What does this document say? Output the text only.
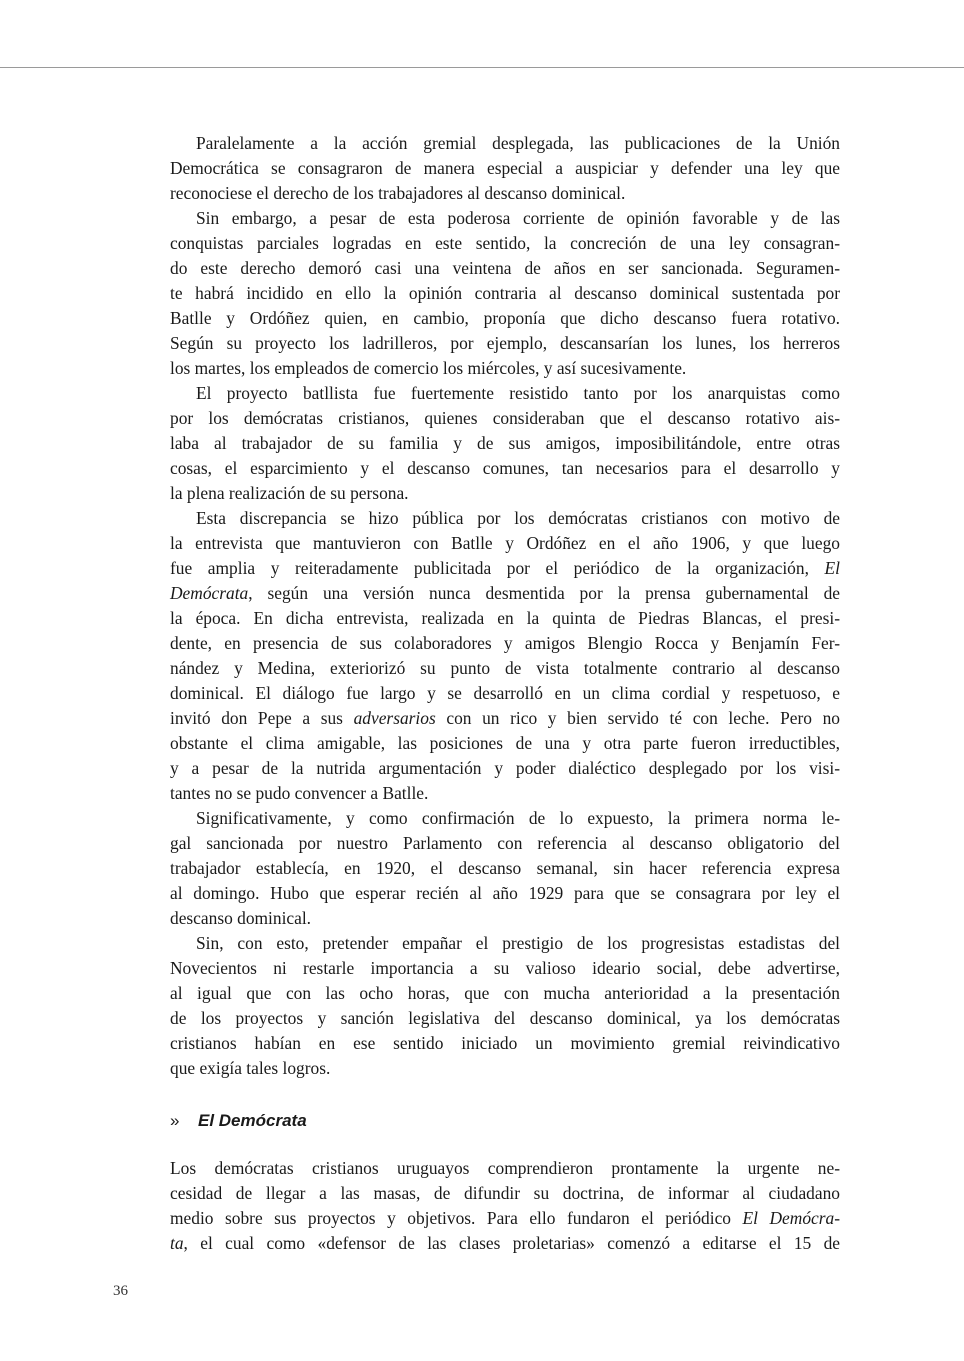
Paralelamente a la acción gremial desplegada, las publicaciones de la Unión
Democrática se consagraron de manera especial a auspiciar y defender una ley que
reconociese el derecho de los trabajadores al descanso dominical.
Sin embargo, a pesar de esta poderosa corriente de opinión favorable y de las
conquistas parciales logradas en este sentido, la concreción de una ley consagran-
do este derecho demoró casi una veintena de años en ser sancionada. Seguramen-
te habrá incidido en ello la opinión contraria al descanso dominical sustentada por
Batlle y Ordóñez quien, en cambio, proponía que dicho descanso fuera rotativo.
Según su proyecto los ladrilleros, por ejemplo, descansarían los lunes, los herreros
los martes, los empleados de comercio los miércoles, y así sucesivamente.
El proyecto batllista fue fuertemente resistido tanto por los anarquistas como
por los demócratas cristianos, quienes consideraban que el descanso rotativo ais-
laba al trabajador de su familia y de sus amigos, imposibilitándole, entre otras
cosas, el esparcimiento y el descanso comunes, tan necesarios para el desarrollo y
la plena realización de su persona.
Esta discrepancia se hizo pública por los demócratas cristianos con motivo de
la entrevista que mantuvieron con Batlle y Ordóñez en el año 1906, y que luego
fue amplia y reiteradamente publicitada por el periódico de la organización, El
Demócrata, según una versión nunca desmentida por la prensa gubernamental de
la época. En dicha entrevista, realizada en la quinta de Piedras Blancas, el presi-
dente, en presencia de sus colaboradores y amigos Blengio Rocca y Benjamín Fer-
nández y Medina, exteriorizó su punto de vista totalmente contrario al descanso
dominical. El diálogo fue largo y se desarrolló en un clima cordial y respetuoso, e
invitó don Pepe a sus adversarios con un rico y bien servido té con leche. Pero no
obstante el clima amigable, las posiciones de una y otra parte fueron irreductibles,
y a pesar de la nutrida argumentación y poder dialéctico desplegado por los visi-
tantes no se pudo convencer a Batlle.
Significativamente, y como confirmación de lo expuesto, la primera norma le-
gal sancionada por nuestro Parlamento con referencia al descanso obligatorio del
trabajador establecía, en 1920, el descanso semanal, sin hacer referencia expresa
al domingo. Hubo que esperar recién al año 1929 para que se consagrara por ley el
descanso dominical.
Sin, con esto, pretender empañar el prestigio de los progresistas estadistas del
Novecientos ni restarle importancia a su valioso ideario social, debe advertirse,
al igual que con las ocho horas, que con mucha anterioridad a la presentación
de los proyectos y sanción legislativa del descanso dominical, ya los demócratas
cristianos habían en ese sentido iniciado un movimiento gremial reivindicativo
que exigía tales logros.
» El Demócrata
Los demócratas cristianos uruguayos comprendieron prontamente la urgente ne-
cesidad de llegar a las masas, de difundir su doctrina, de informar al ciudadano
medio sobre sus proyectos y objetivos. Para ello fundaron el periódico El Demócra-
ta, el cual como «defensor de las clases proletarias» comenzó a editarse el 15 de
36
